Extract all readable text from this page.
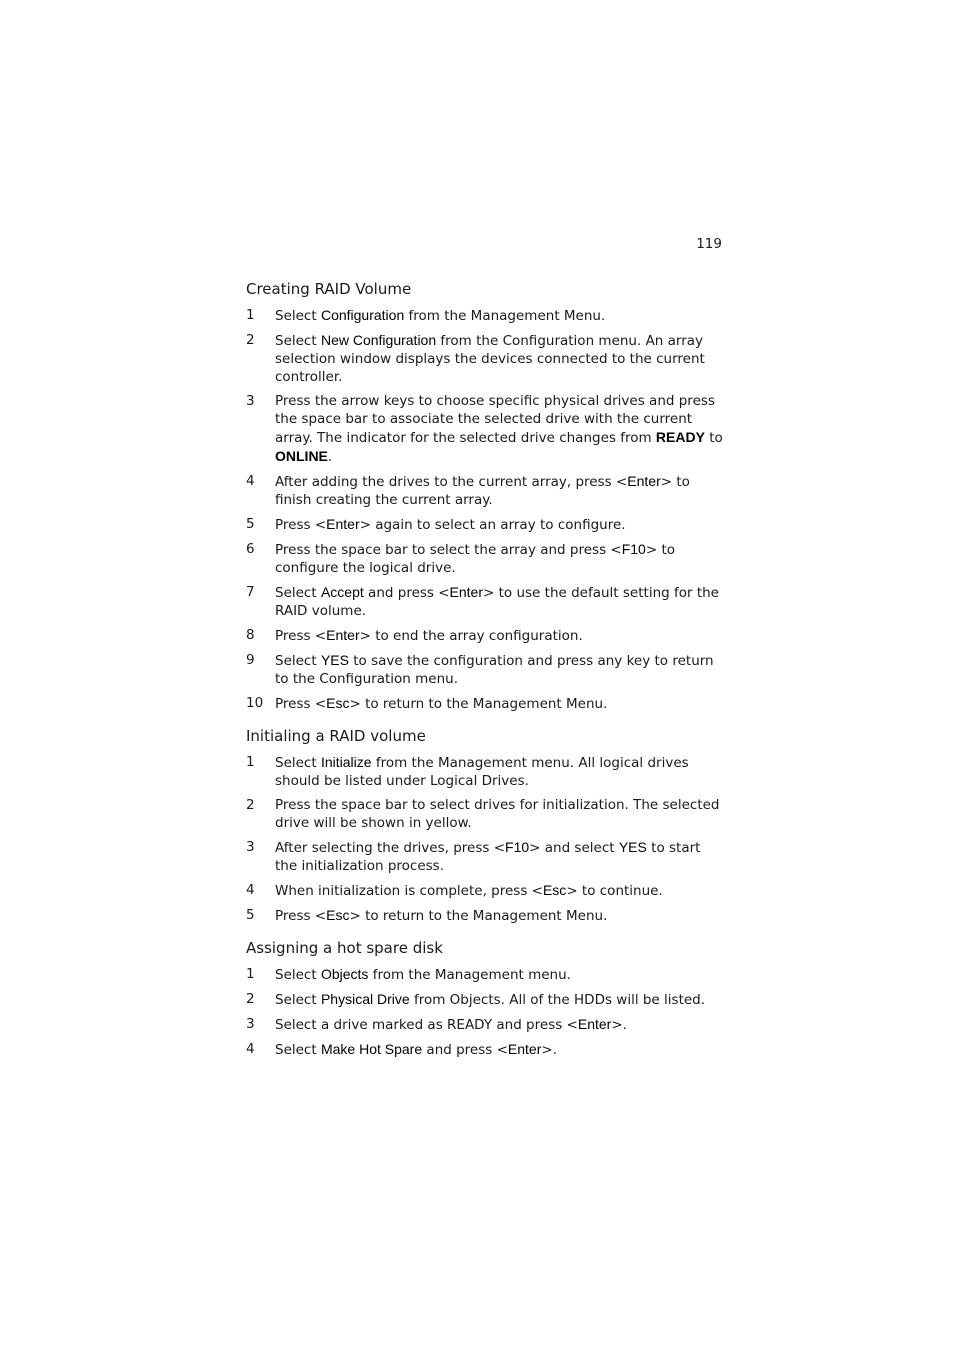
119
Creating RAID Volume
1	Select Configuration from the Management Menu.
2	Select New Configuration from the Configuration menu. An array selection window displays the devices connected to the current controller.
3	Press the arrow keys to choose specific physical drives and press the space bar to associate the selected drive with the current array. The indicator for the selected drive changes from READY to ONLINE.
4	After adding the drives to the current array, press <Enter> to finish creating the current array.
5	Press <Enter> again to select an array to configure.
6	Press the space bar to select the array and press <F10> to configure the logical drive.
7	Select Accept and press <Enter> to use the default setting for the RAID volume.
8	Press <Enter> to end the array configuration.
9	Select YES to save the configuration and press any key to return to the Configuration menu.
10 Press <Esc> to return to the Management Menu.
Initialing a RAID volume
1	Select Initialize from the Management menu. All logical drives should be listed under Logical Drives.
2	Press the space bar to select drives for initialization. The selected drive will be shown in yellow.
3	After selecting the drives, press <F10> and select YES to start the initialization process.
4	When initialization is complete, press <Esc> to continue.
5	Press <Esc> to return to the Management Menu.
Assigning a hot spare disk
1	Select Objects from the Management menu.
2	Select Physical Drive from Objects. All of the HDDs will be listed.
3	Select a drive marked as READY and press <Enter>.
4	Select Make Hot Spare and press <Enter>.
